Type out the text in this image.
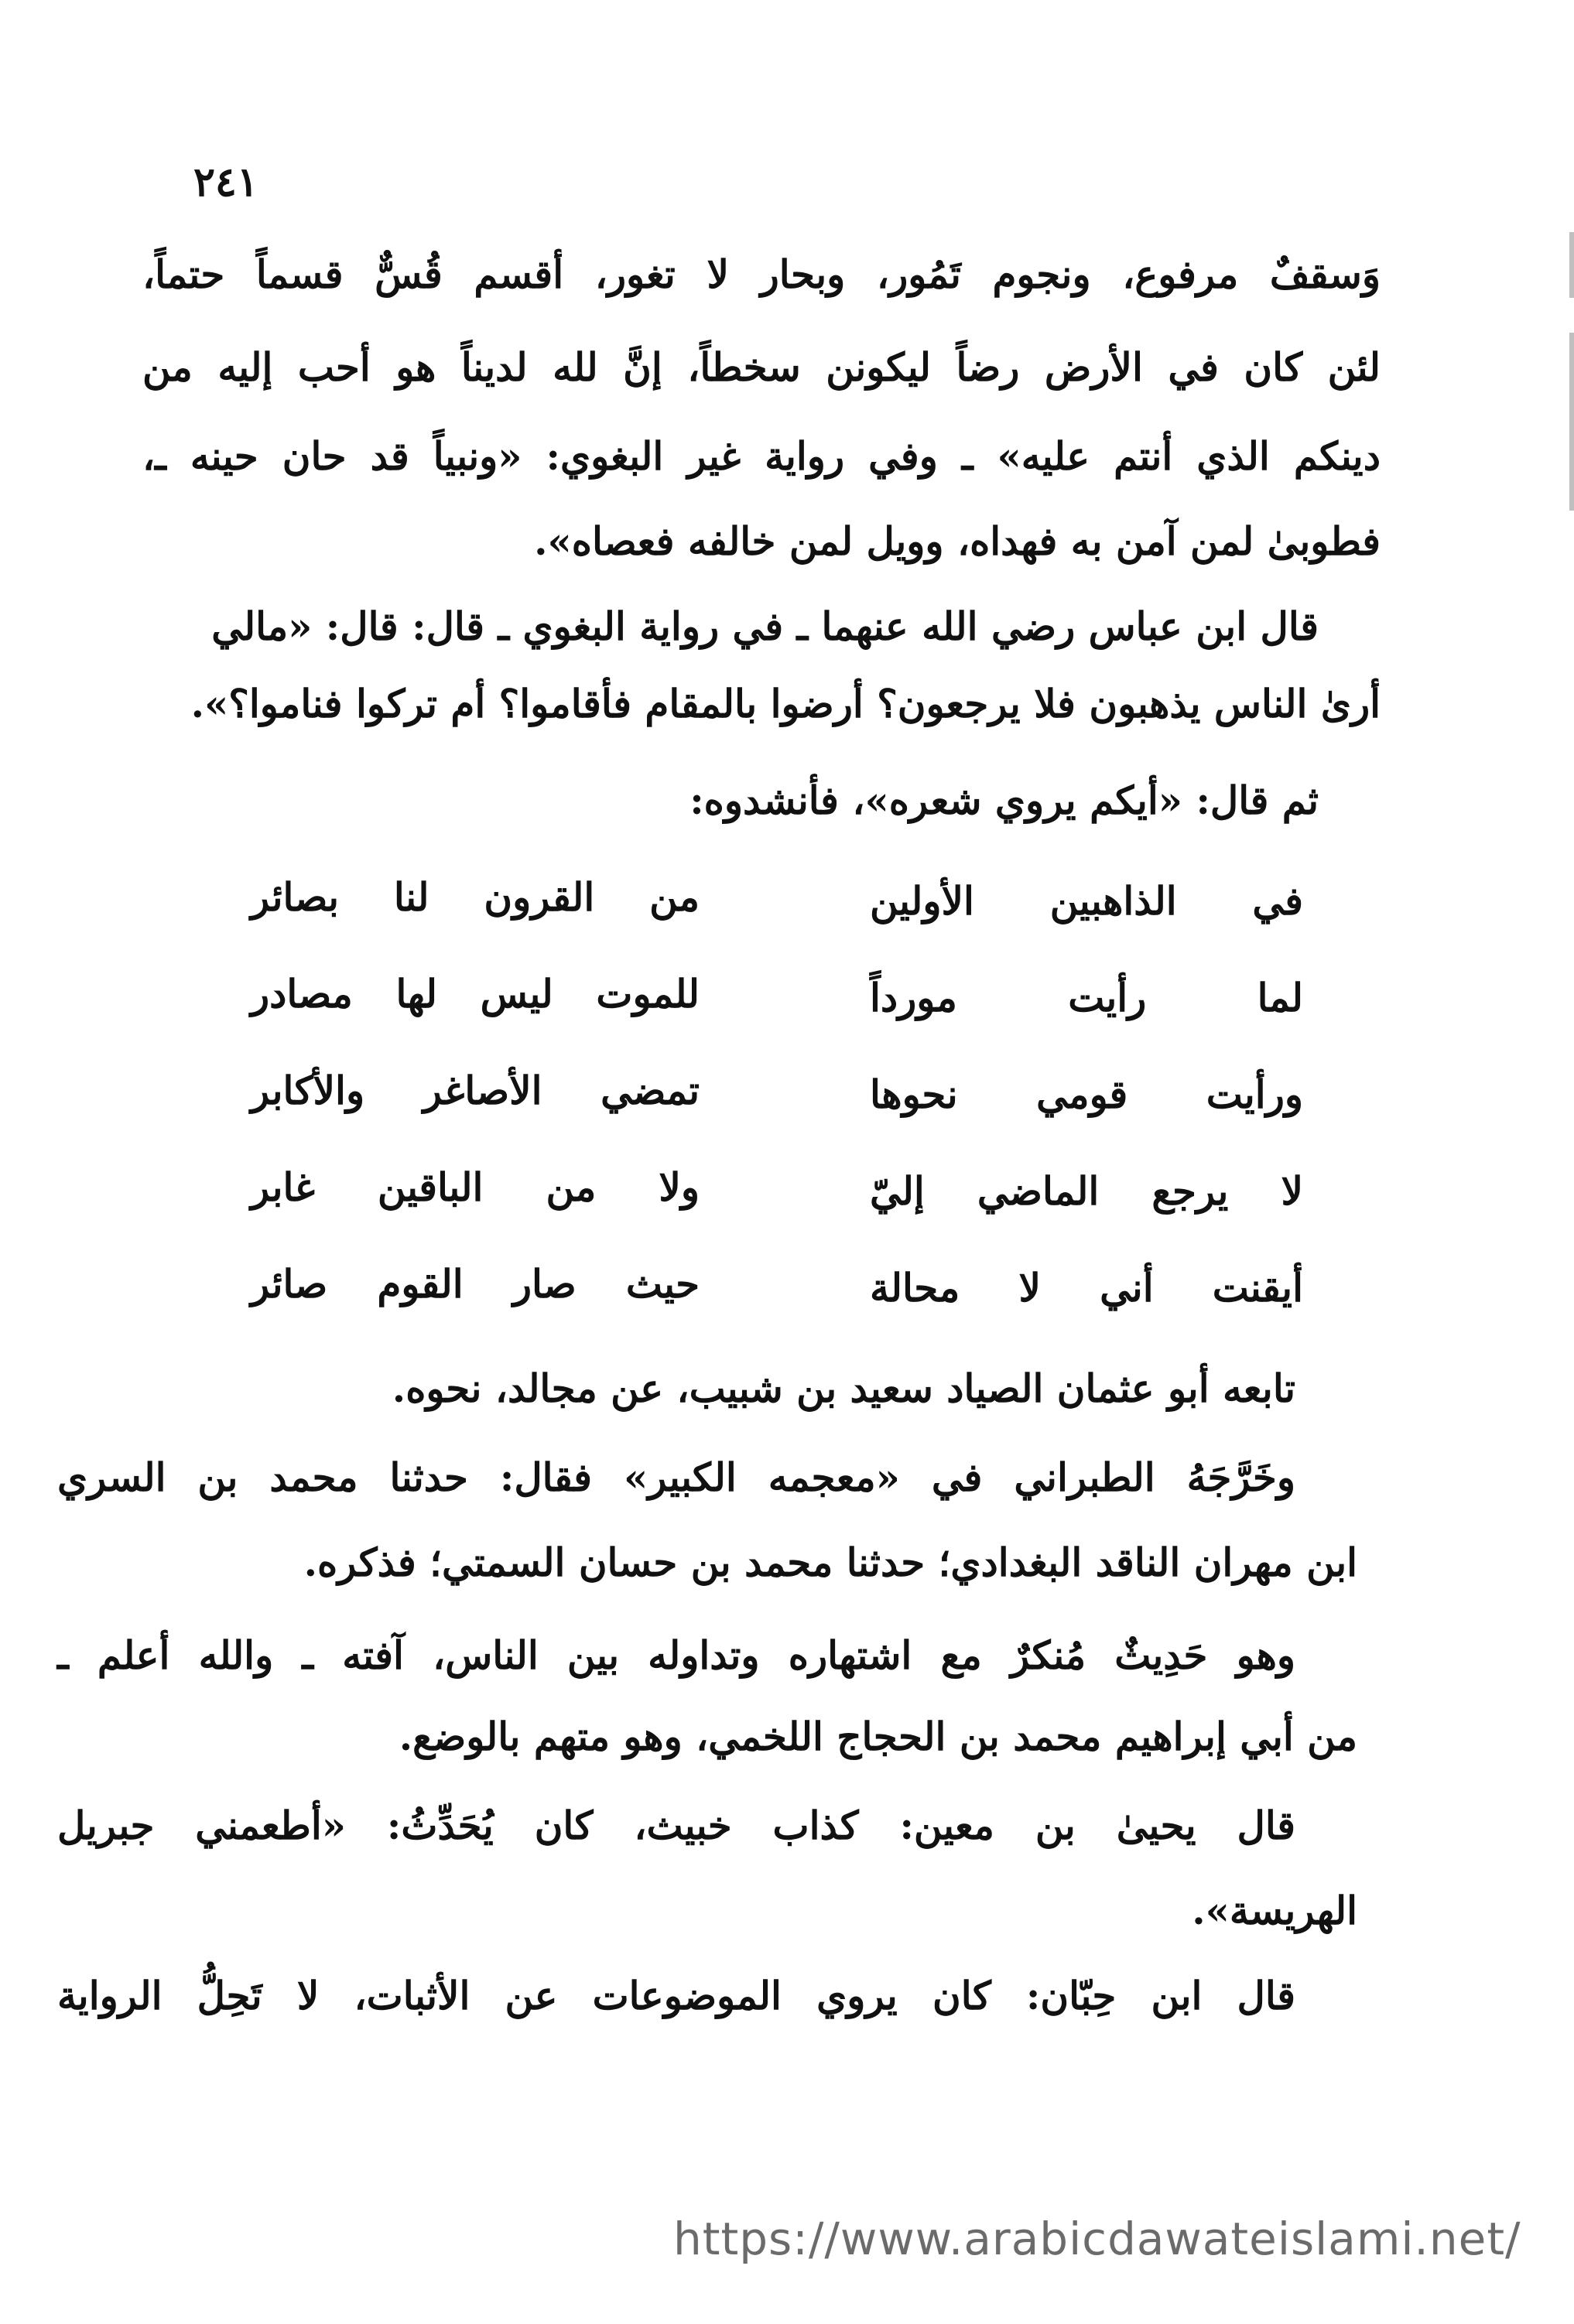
٢٤١
وَسقفٌ مرفوع، ونجوم تَمُور، وبحار لا تغور، أقسم قُسٌّ قسماً حتماً،
لئن كان في الأرض رضاً ليكونن سخطاً، إنَّ لله لديناً هو أحب إليه من
دينكم الذي أنتم عليه» ـ وفي رواية غير البغوي: «ونبياً قد حان حينه ـ،
فطوبىٰ لمن آمن به فهداه، وويل لمن خالفه فعصاه».
قال ابن عباس رضي الله عنهما ـ في رواية البغوي ـ قال: قال: «مالي
أرىٰ الناس يذهبون فلا يرجعون؟ أرضوا بالمقام فأقاموا؟ أم تركوا فناموا؟».
ثم قال: «أيكم يروي شعره»، فأنشدوه:
في الذاهبين الأولين
من القرون لنا بصائر
لما رأيت مورداً
للموت ليس لها مصادر
ورأيت قومي نحوها
تمضي الأصاغر والأكابر
لا يرجع الماضي إليّ
ولا من الباقين غابر
أيقنت أني لا محالة
حيث صار القوم صائر
تابعه أبو عثمان الصياد سعيد بن شبيب، عن مجالد، نحوه.
وخَرَّجَهُ الطبراني في «معجمه الكبير» فقال: حدثنا محمد بن السري
ابن مهران الناقد البغدادي؛ حدثنا محمد بن حسان السمتي؛ فذكره.
وهو حَدِيثٌ مُنكرٌ مع اشتهاره وتداوله بين الناس، آفته ـ والله أعلم ـ
من أبي إبراهيم محمد بن الحجاج اللخمي، وهو متهم بالوضع.
قال يحيىٰ بن معين: كذاب خبيث، كان يُحَدِّثُ: «أطعمني جبريل
الهريسة».
قال ابن حِبّان: كان يروي الموضوعات عن الأثبات، لا تَحِلُّ الرواية
https://www.arabicdawateislami.net/
